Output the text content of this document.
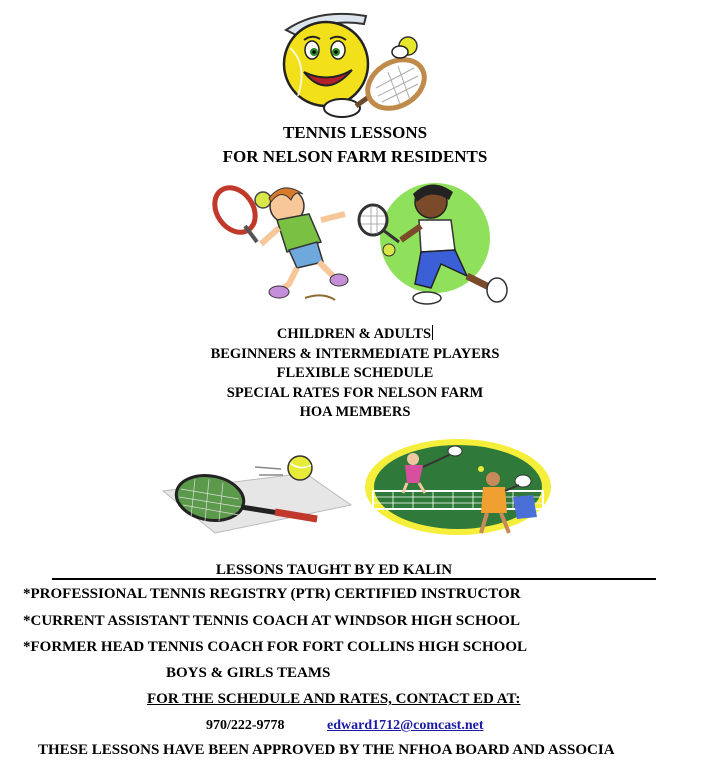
TENNIS LESSONS
FOR NELSON FARM RESIDENTS
CHILDREN & ADULTS
BEGINNERS & INTERMEDIATE PLAYERS
FLEXIBLE SCHEDULE
SPECIAL RATES FOR NELSON FARM
HOA MEMBERS
LESSONS TAUGHT BY ED KALIN
*PROFESSIONAL TENNIS REGISTRY (PTR) CERTIFIED INSTRUCTOR
*CURRENT ASSISTANT TENNIS COACH AT WINDSOR HIGH SCHOOL
*FORMER HEAD TENNIS COACH FOR FORT COLLINS HIGH SCHOOL
BOYS & GIRLS TEAMS
FOR THE SCHEDULE AND RATES, CONTACT ED AT:
970/222-9778	edward1712@comcast.net
THESE LESSONS HAVE BEEN APPROVED BY THE NFHOA BOARD AND ASSOCIA
